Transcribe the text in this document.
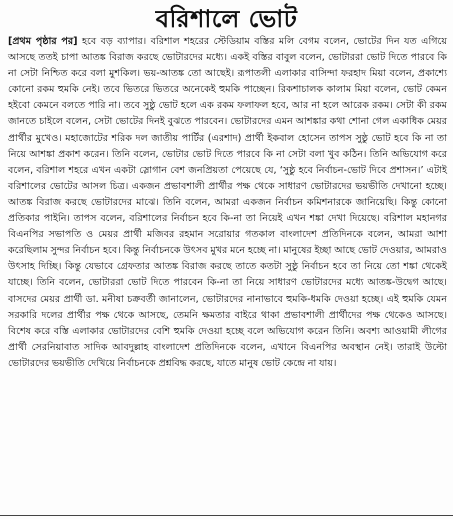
বরিশালে ভোট
[প্রথম পৃষ্ঠার পর] হবে বড় ব্যাপার। বরিশাল শহরের স্টেডিয়াম বস্তির মলি বেগম বলেন, ভোটের দিন যত এগিয়ে আসছে ততই চাপা আতঙ্ক বিরাজ করছে ভোটারদের মধ্যে। একই বস্তির বাবুল বলেন, ভোটাররা ভোট দিতে পারবে কি না সেটা নিশ্চিত করে বলা মুশকিল। ভয়-আতঙ্ক তো আছেই। রূপাতলী এলাকার বাসিন্দা ফরহাদ মিয়া বলেন, প্রকাশ্যে কোনো রকম হুমকি নেই। তবে ভিতরে ভিতরে অনেকেই হুমকি পাচ্ছেন। রিকশাচালক কালাম মিয়া বলেন, ভোট কেমন হইবো কেমনে বলতে পারি না। তবে সুষ্ঠু ভোট হলে এক রকম ফলাফল হবে, আর না হলে আরেক রকম। সেটা কী রকম জানতে চাইলে বলেন, সেটা ভোটের দিনই বুঝতে পারবেন। ভোটারদের এমন আশঙ্কার কথা শোনা গেল একাধিক মেয়র প্রার্থীর মুখেও। মহাজোটের শরিক দল জাতীয় পার্টির (এরশাদ) প্রার্থী ইকবাল হোসেন তাপস সুষ্ঠু ভোট হবে কি না তা নিয়ে আশঙ্কা প্রকাশ করেন। তিনি বলেন, ভোটার ভোট দিতে পারবে কি না সেটা বলা খুব কঠিন। তিনি অভিযোগ করে বলেন, বরিশাল শহরে এখন একটা স্লোগান বেশ জনপ্রিয়তা পেয়েছে যে, ‘সুষ্ঠু হবে নির্বাচন-ভোট দিবে প্রশাসন।’ এটাই বরিশালের ভোটের আসল চিত্র। একজন প্রভাবশালী প্রার্থীর পক্ষ থেকে সাধারণ ভোটারদের ভয়ভীতি দেখানো হচ্ছে। আতঙ্ক বিরাজ করছে ভোটারদের মাঝে। তিনি বলেন, আমরা একজন নির্বাচন কমিশনারকে জানিয়েছি। কিন্তু কোনো প্রতিকার পাইনি। তাপস বলেন, বরিশালের নির্বাচন হবে কি-না তা নিয়েই এখন শঙ্কা দেখা দিয়েছে। বরিশাল মহানগর বিএনপির সভাপতি ও মেয়র প্রার্থী মজিবর রহমান সরোয়ার গতকাল বাংলাদেশ প্রতিদিনকে বলেন, আমরা আশা করেছিলাম সুন্দর নির্বাচন হবে। কিন্তু নির্বাচনকে উৎসব মুখর মনে হচ্ছে না। মানুষের ইচ্ছা আছে ভোট দেওয়ার, আমরাও উৎসাহ দিচ্ছি। কিন্তু যেভাবে গ্রেফতার আতঙ্ক বিরাজ করছে তাতে কতটা সুষ্ঠু নির্বাচন হবে তা নিয়ে তো শঙ্কা থেকেই যাচ্ছে। তিনি বলেন, ভোটাররা ভোট দিতে পারবেন কি-না তা নিয়ে সাধারণ ভোটারদের মধ্যে আতঙ্ক-উদ্বেগ আছে। বাসদের মেয়র প্রার্থী ডা. মনীষা চক্রবর্তী জানালেন, ভোটারদের নানাভাবে হুমকি-ধমকি দেওয়া হচ্ছে। এই হুমকি যেমন সরকারি দলের প্রার্থীর পক্ষ থেকে আসছে, তেমনি ক্ষমতার বাইরে থাকা প্রভাবশালী প্রার্থীদের পক্ষ থেকেও আসছে। বিশেষ করে বস্তি এলাকার ভোটারদের বেশি হুমকি দেওয়া হচ্ছে বলে অভিযোগ করেন তিনি। অবশ্য আওয়ামী লীগের প্রার্থী সেরনিয়াবাত সাদিক আবদুল্লাহ বাংলাদেশ প্রতিদিনকে বলেন, এখানে বিএনপির অবস্থান নেই। তারাই উল্টো ভোটারদের ভয়ভীতি দেখিয়ে নির্বাচনকে প্রশ্নবিদ্ধ করছে, যাতে মানুষ ভোট কেন্দ্রে না যায়।
